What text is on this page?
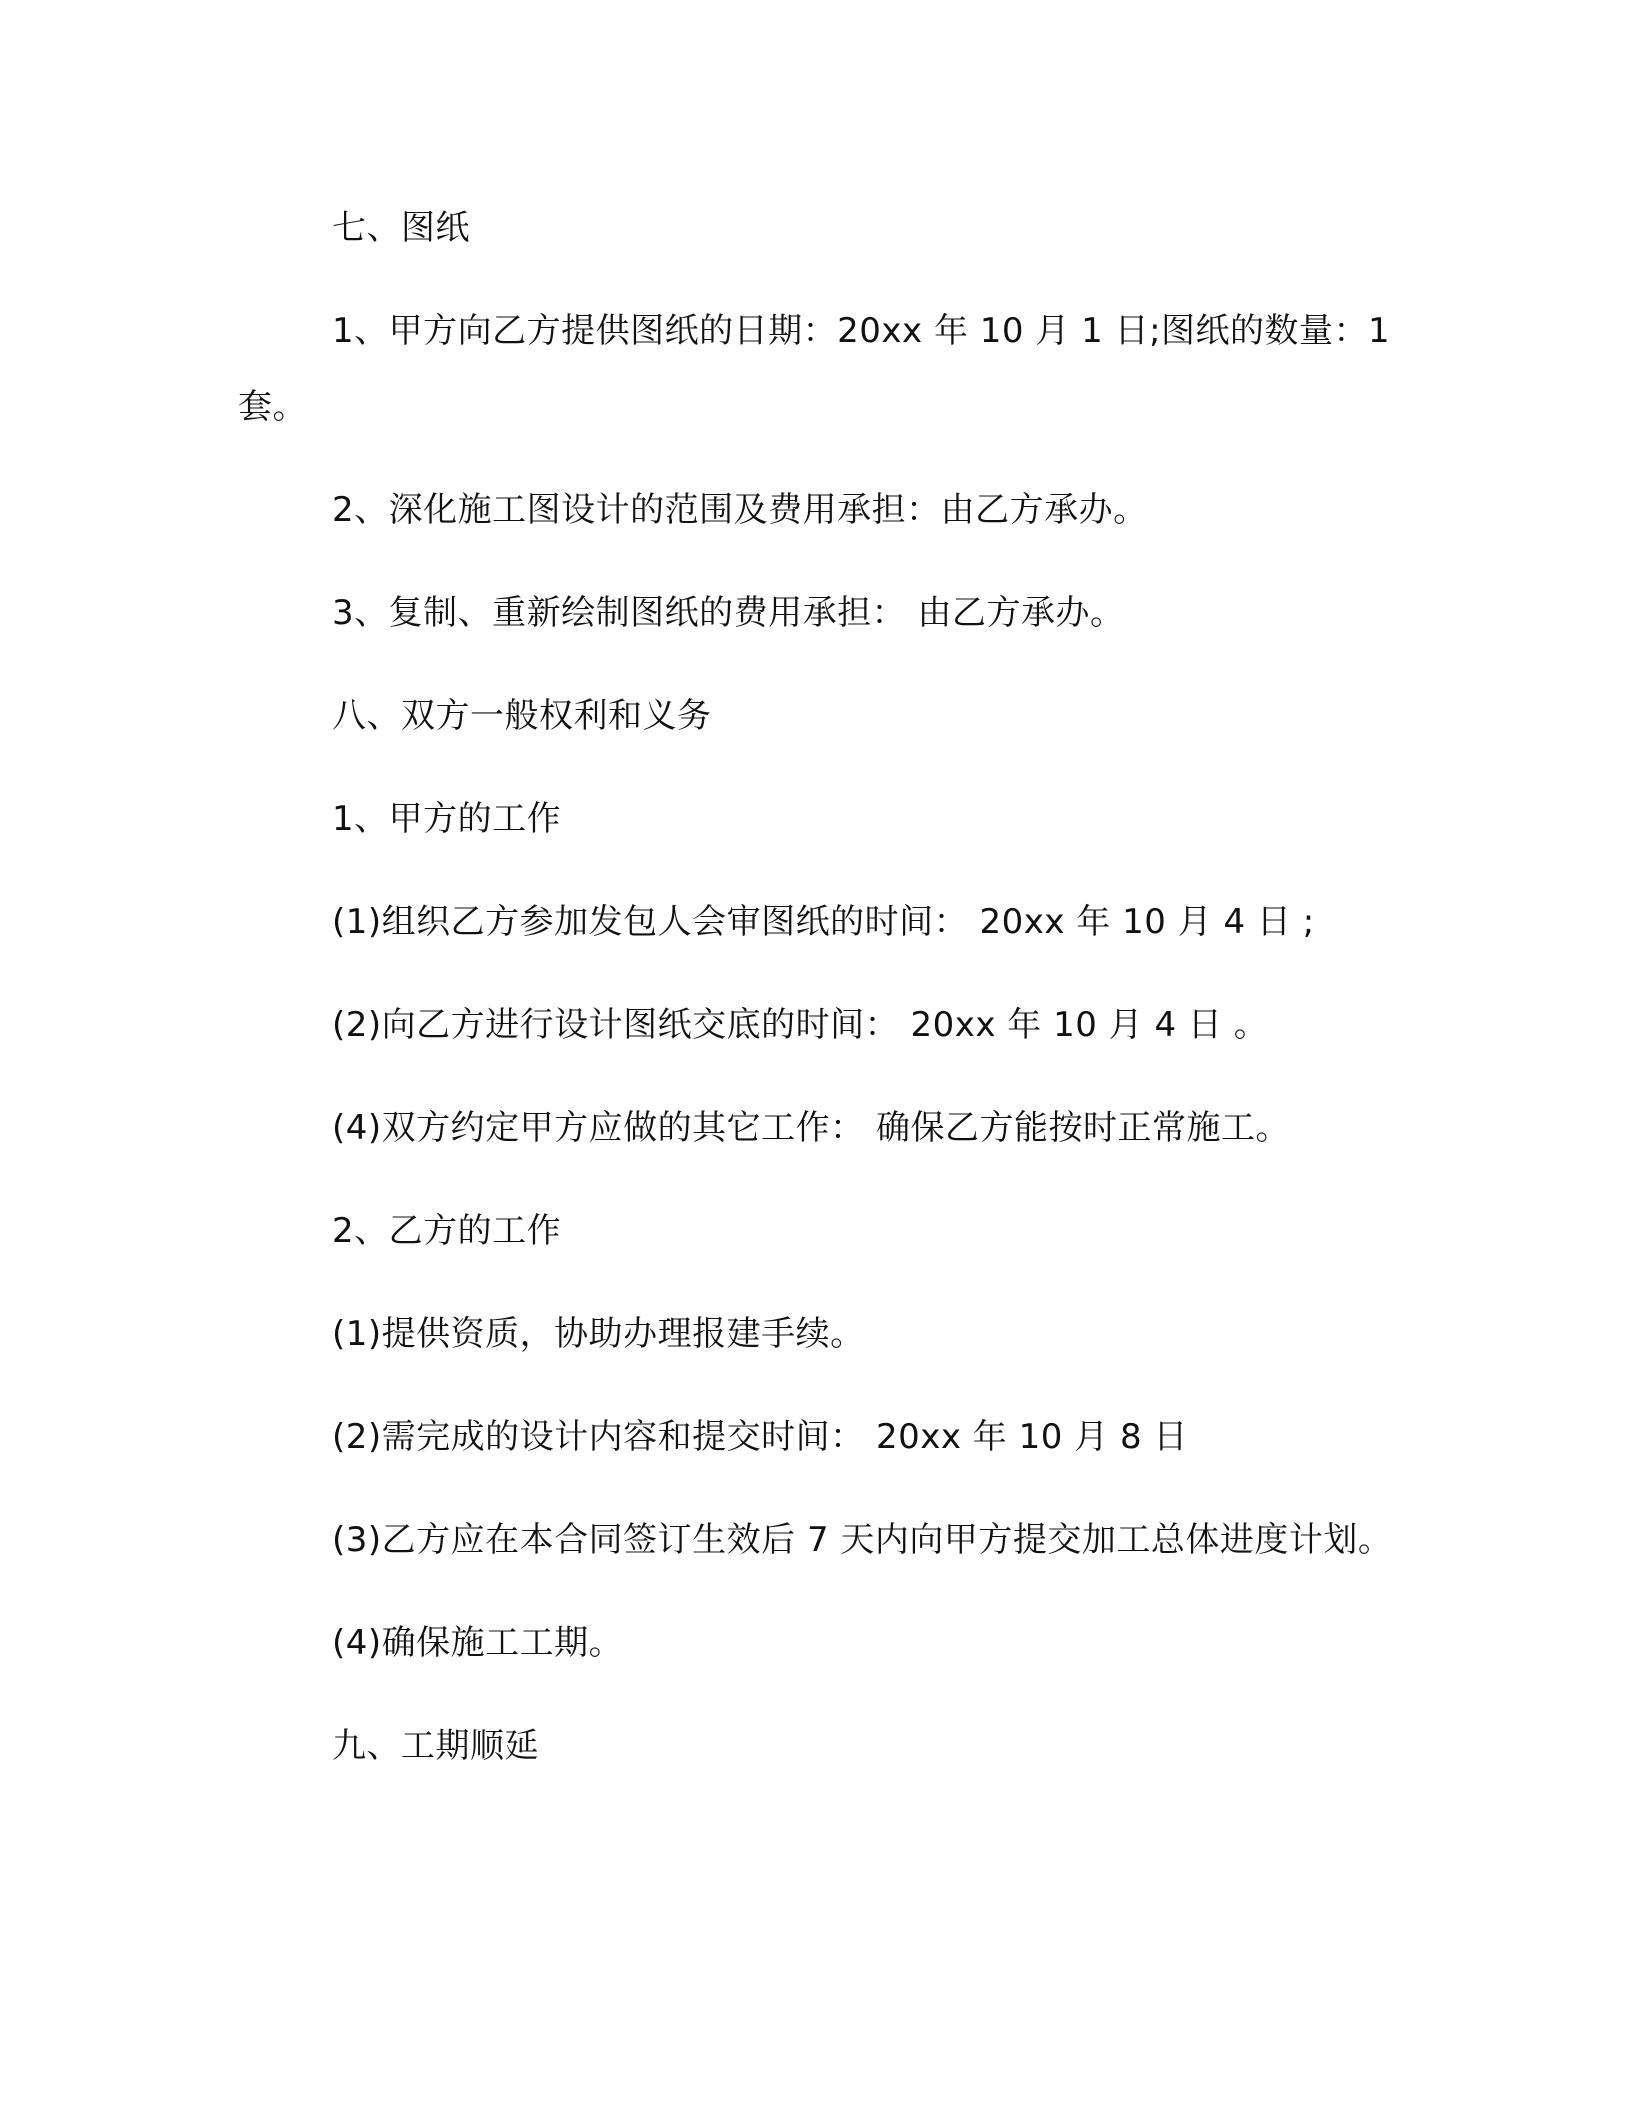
七、图纸

1、甲方向乙方提供图纸的日期：20xx 年 10 月 1 日;图纸的数量：1 套。

2、深化施工图设计的范围及费用承担：由乙方承办。

3、复制、重新绘制图纸的费用承担： 由乙方承办。

八、双方一般权利和义务

1、甲方的工作

(1)组织乙方参加发包人会审图纸的时间： 20xx 年 10 月 4 日 ;

(2)向乙方进行设计图纸交底的时间： 20xx 年 10 月 4 日 。

(4)双方约定甲方应做的其它工作： 确保乙方能按时正常施工。

2、乙方的工作

(1)提供资质，协助办理报建手续。

(2)需完成的设计内容和提交时间： 20xx 年 10 月 8 日

(3)乙方应在本合同签订生效后 7 天内向甲方提交加工总体进度计划。

(4)确保施工工期。

九、工期顺延
